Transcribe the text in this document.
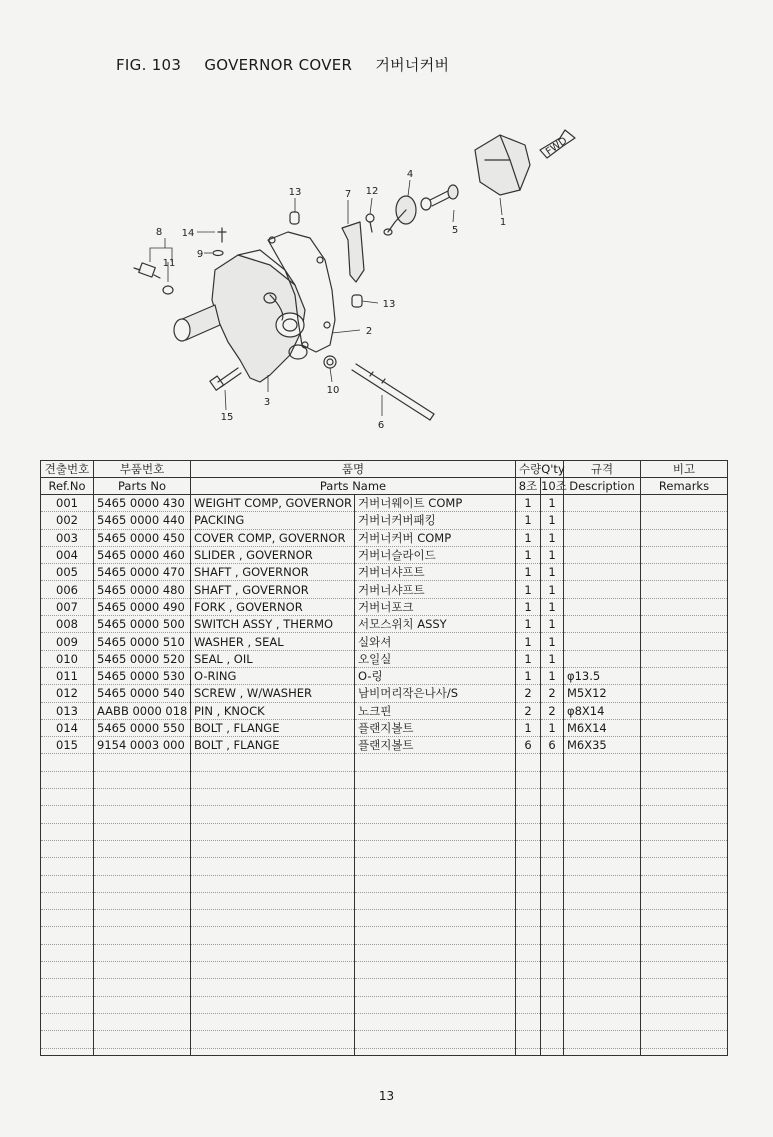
FIG. 103 GOVERNOR COVER 거버너커버
13	7 12
4
5
1
8 14
9
11
13
2
10
3
6
15
FWD
견출번호	부품번호	품명		수량Q'ty		규격	비고
Ref.No	Parts No	Parts Name		8조	10조	Description	Remarks
001	5465 0000 430	WEIGHT COMP, GOVERNOR	거버너웨이트 COMP	1	1		
002	5465 0000 440	PACKING	거버너커버패킹	1	1		
003	5465 0000 450	COVER COMP, GOVERNOR	거버너커버 COMP	1	1		
004	5465 0000 460	SLIDER , GOVERNOR	거버너슬라이드	1	1		
005	5465 0000 470	SHAFT , GOVERNOR	거버너샤프트	1	1		
006	5465 0000 480	SHAFT , GOVERNOR	거버너샤프트	1	1		
007	5465 0000 490	FORK , GOVERNOR	거버너포크	1	1		
008	5465 0000 500	SWITCH ASSY , THERMO	서모스위치 ASSY	1	1		
009	5465 0000 510	WASHER , SEAL	실와셔	1	1		
010	5465 0000 520	SEAL , OIL	오일실	1	1		
011	5465 0000 530	O-RING	O-링	1	1	φ13.5	
012	5465 0000 540	SCREW , W/WASHER	남비머리작은나사/S	2	2	M5X12	
013	AABB 0000 018	PIN , KNOCK	노크핀	2	2	φ8X14	
014	5465 0000 550	BOLT , FLANGE	플랜지볼트	1	1	M6X14	
015	9154 0003 000	BOLT , FLANGE	플랜지볼트	6	6	M6X35	

13
